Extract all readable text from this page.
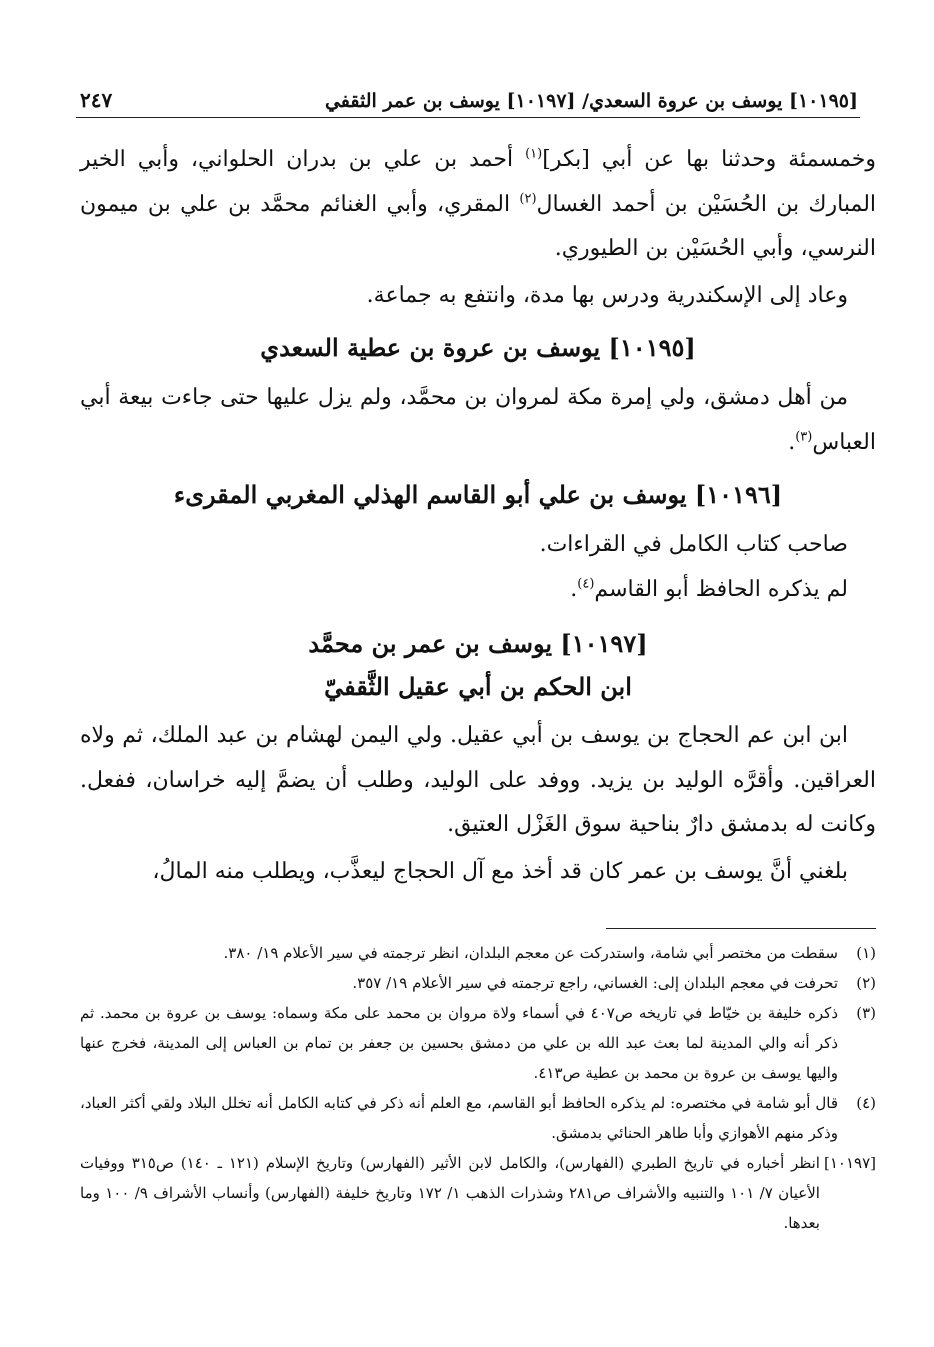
[١٠١٩٥] يوسف بن عروة السعدي/ [١٠١٩٧] يوسف بن عمر الثقفي
٢٤٧

وخمسمئة وحدثنا بها عن أبي [بكر]$^{(١)}$ أحمد بن علي بن بدران الحلواني، وأبي الخير المبارك بن الحُسَيْن بن أحمد الغسال$^{(٢)}$ المقري، وأبي الغنائم محمَّد بن علي بن ميمون النرسي، وأبي الحُسَيْن بن الطيوري.

وعاد إلى الإسكندرية ودرس بها مدة، وانتفع به جماعة.

[١٠١٩٥] يوسف بن عروة بن عطية السعدي

من أهل دمشق، ولي إمرة مكة لمروان بن محمَّد، ولم يزل عليها حتى جاءت بيعة أبي العباس$^{(٣)}$.

[١٠١٩٦] يوسف بن علي أبو القاسم الهذلي المغربي المقرىء

صاحب كتاب الكامل في القراءات.

لم يذكره الحافظ أبو القاسم$^{(٤)}$.

[١٠١٩٧] يوسف بن عمر بن محمَّد
ابن الحكم بن أبي عقيل الثَّقفيّ

ابن ابن عم الحجاج بن يوسف بن أبي عقيل. ولي اليمن لهشام بن عبد الملك، ثم ولاه العراقين. وأقرَّه الوليد بن يزيد. ووفد على الوليد، وطلب أن يضمَّ إليه خراسان، ففعل. وكانت له بدمشق دارٌ بناحية سوق الغَزْل العتيق.

بلغني أنَّ يوسف بن عمر كان قد أخذ مع آل الحجاج ليعذَّب، ويطلب منه المالُ،

(١)
سقطت من مختصر أبي شامة، واستدركت عن معجم البلدان، انظر ترجمته في سير الأعلام ١٩/ ٣٨٠.
(٢)
تحرفت في معجم البلدان إلى: الغساني، راجع ترجمته في سير الأعلام ١٩/ ٣٥٧.
(٣)
ذكره خليفة بن خيّاط في تاريخه ص٤٠٧ في أسماء ولاة مروان بن محمد على مكة وسماه: يوسف بن عروة بن محمد. ثم ذكر أنه والي المدينة لما بعث عبد الله بن علي من دمشق بحسين بن جعفر بن تمام بن العباس إلى المدينة، فخرج عنها واليها يوسف بن عروة بن محمد بن عطية ص٤١٣.
(٤)
قال أبو شامة في مختصره: لم يذكره الحافظ أبو القاسم، مع العلم أنه ذكر في كتابه الكامل أنه تخلل البلاد ولقي أكثر العباد، وذكر منهم الأهوازي وأبا طاهر الحنائي بدمشق.
[١٠١٩٧]
انظر أخباره في تاريخ الطبري (الفهارس)، والكامل لابن الأثير (الفهارس) وتاريخ الإسلام (١٢١ ـ ١٤٠) ص٣١٥ ووفيات الأعيان ٧/ ١٠١ والتنبيه والأشراف ص٢٨١ وشذرات الذهب ١/ ١٧٢ وتاريخ خليفة (الفهارس) وأنساب الأشراف ٩/ ١٠٠ وما بعدها.
